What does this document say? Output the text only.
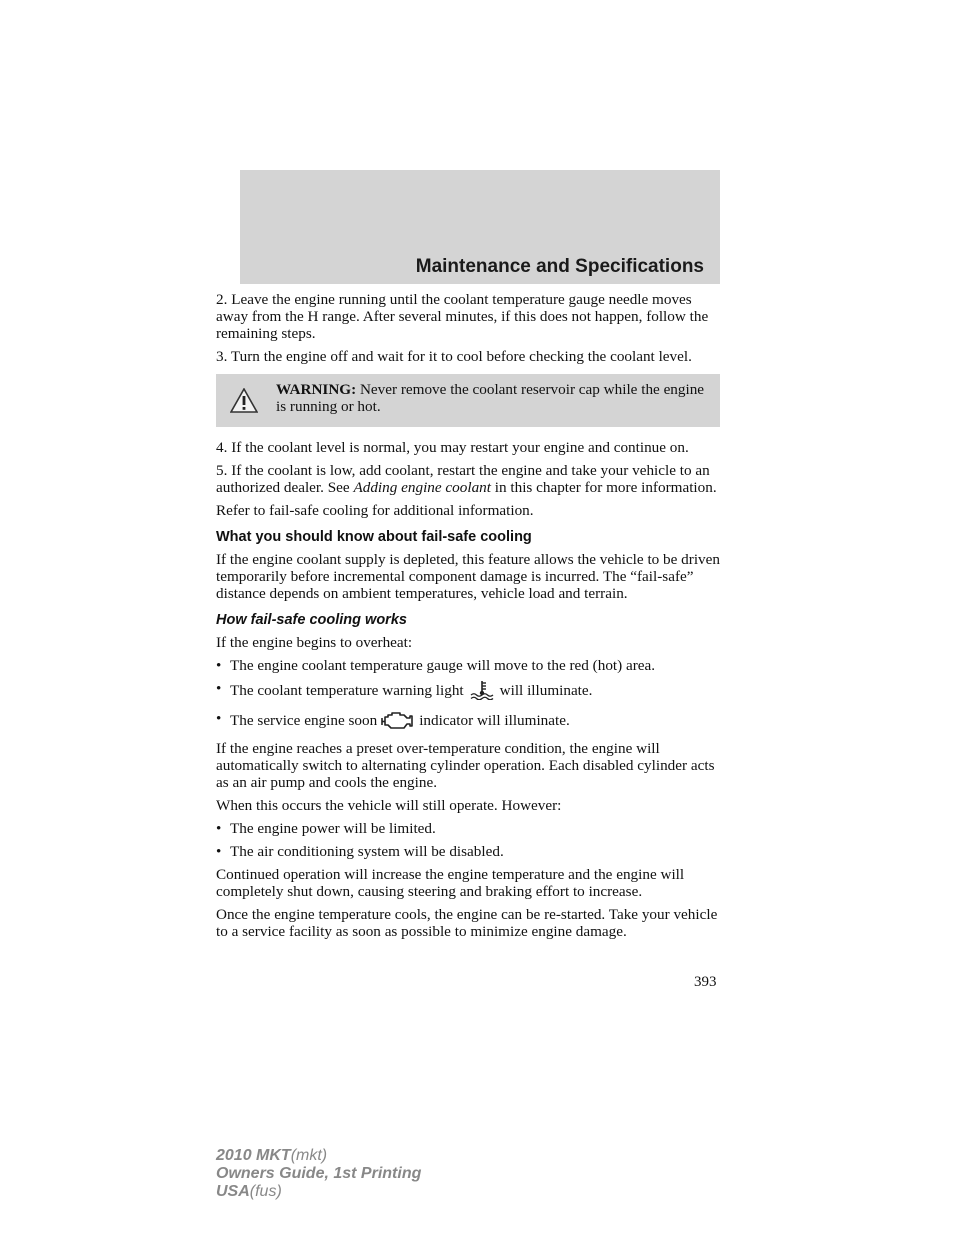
Maintenance and Specifications

2. Leave the engine running until the coolant temperature gauge needle moves away from the H range. After several minutes, if this does not happen, follow the remaining steps.

3. Turn the engine off and wait for it to cool before checking the coolant level.

WARNING: Never remove the coolant reservoir cap while the engine is running or hot.

4. If the coolant level is normal, you may restart your engine and continue on.

5. If the coolant is low, add coolant, restart the engine and take your vehicle to an authorized dealer. See Adding engine coolant in this chapter for more information.

Refer to fail-safe cooling for additional information.

What you should know about fail-safe cooling

If the engine coolant supply is depleted, this feature allows the vehicle to be driven temporarily before incremental component damage is incurred. The “fail-safe” distance depends on ambient temperatures, vehicle load and terrain.

How fail-safe cooling works

If the engine begins to overheat:

• The engine coolant temperature gauge will move to the red (hot) area.
• The coolant temperature warning light will illuminate.
• The service engine soon	indicator will illuminate.

If the engine reaches a preset over-temperature condition, the engine will automatically switch to alternating cylinder operation. Each disabled cylinder acts as an air pump and cools the engine.

When this occurs the vehicle will still operate. However:

• The engine power will be limited.
• The air conditioning system will be disabled.

Continued operation will increase the engine temperature and the engine will completely shut down, causing steering and braking effort to increase.

Once the engine temperature cools, the engine can be re-started. Take your vehicle to a service facility as soon as possible to minimize engine damage.

393
2010 MKT(mkt)
Owners Guide, 1st Printing
USA(fus)
